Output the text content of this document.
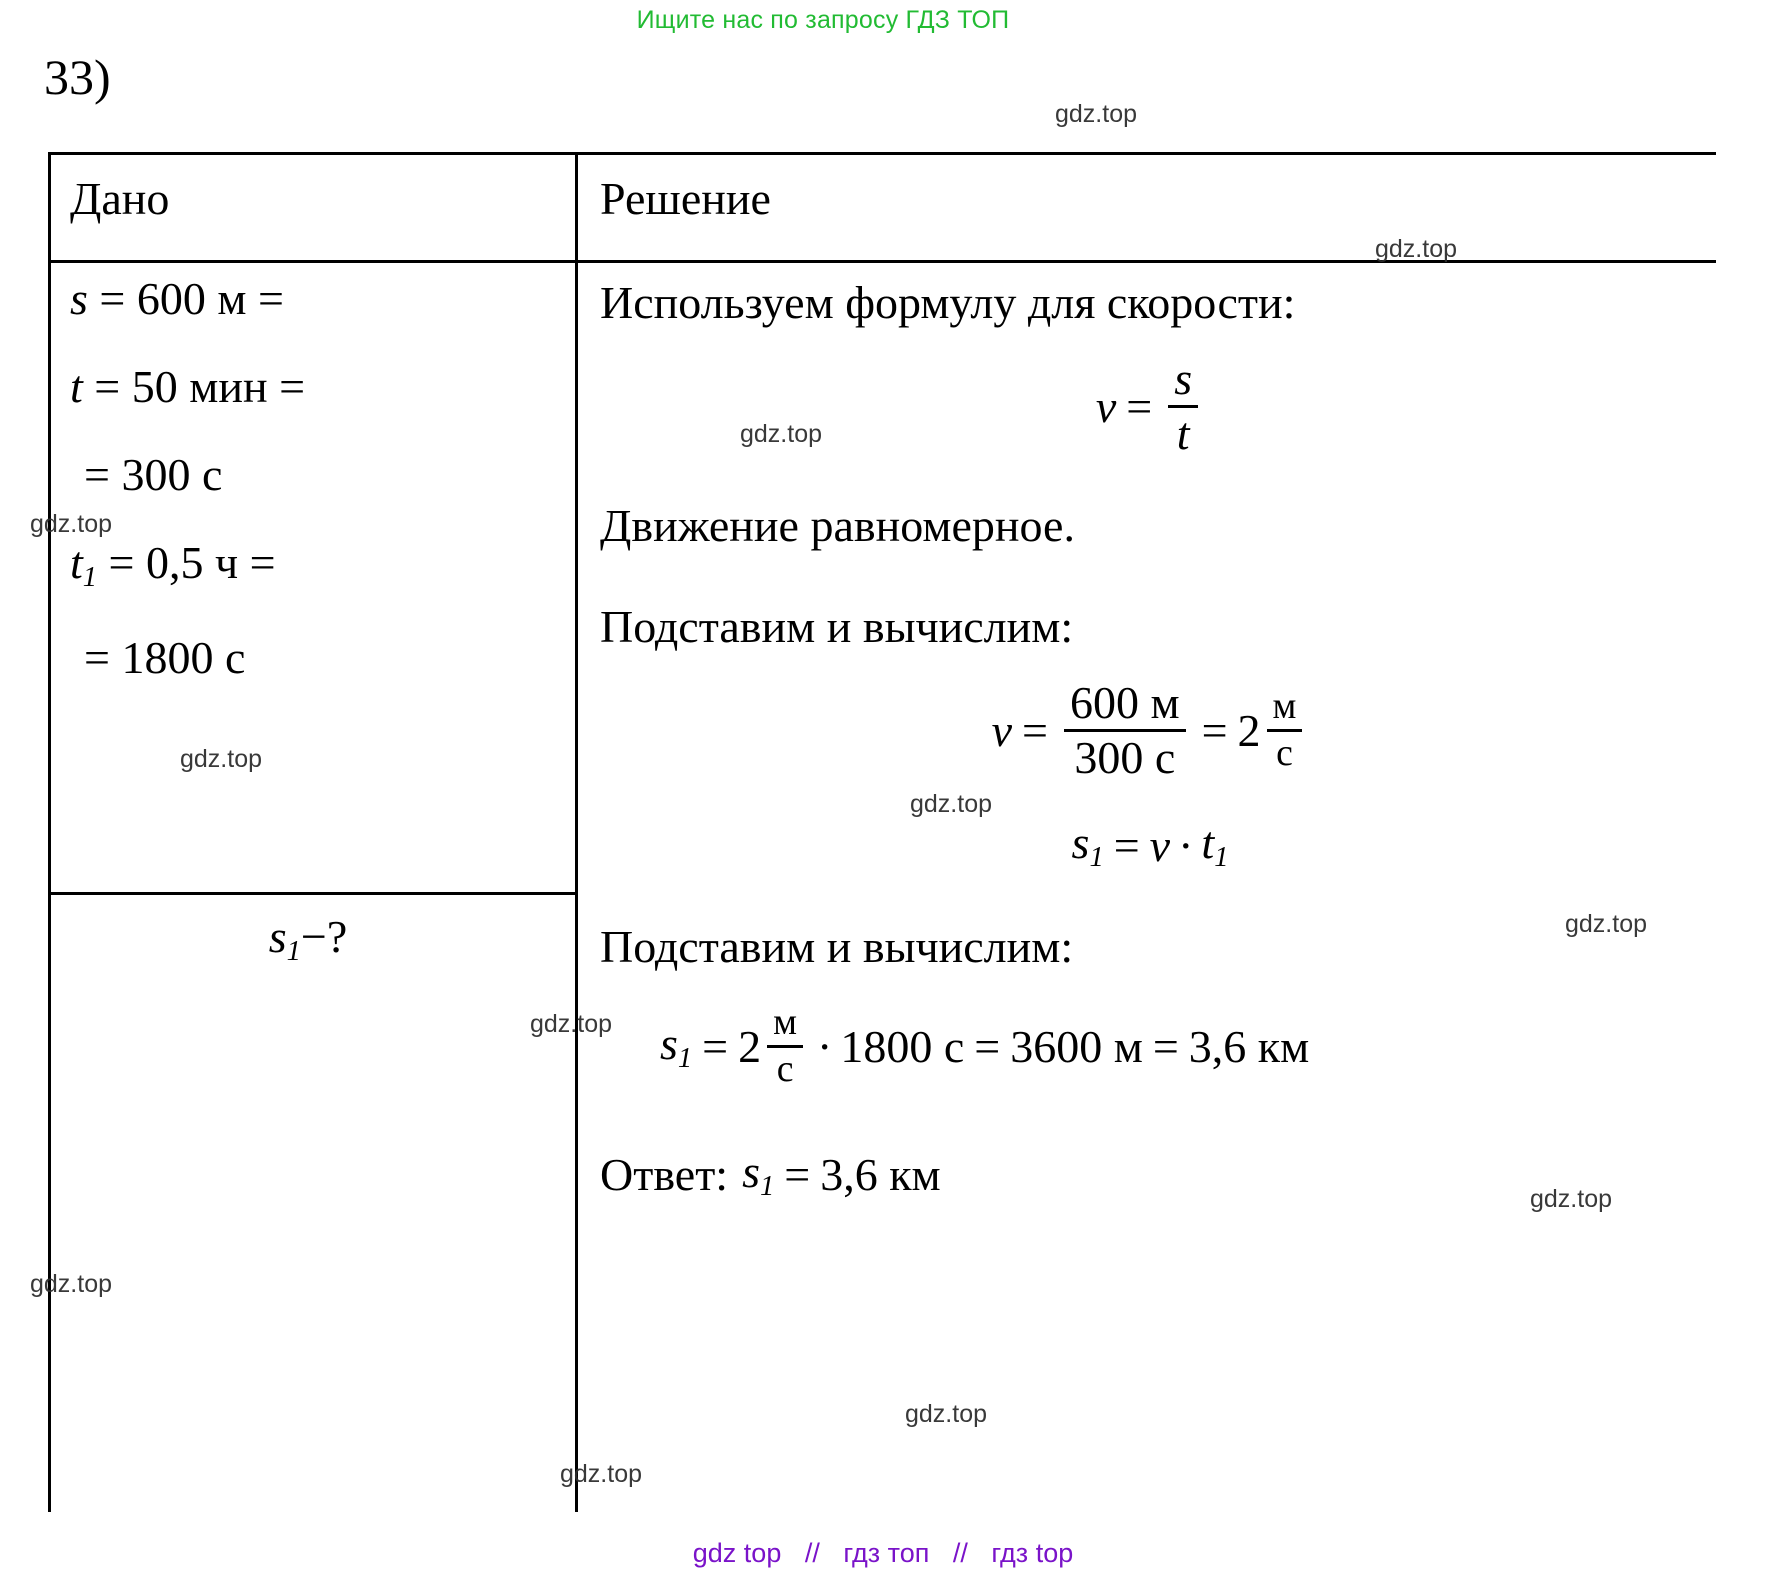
Ищите нас по запросу ГДЗ ТОП
33)
Дано	Решение
s = 600 м =
t = 50 мин =
= 300 с
$t_1 = 0,5$ ч =
= 1800 с
$s_1-$?
Используем формулу для скорости:
$v = \frac{s}{t}$
Движение равномерное.
Подставим и вычислим:
$v = \frac{600 м}{300 с} = 2 \frac{м}{с}$
$s_1 = v \cdot t_1$
Подставим и вычислим:
$s_1 = 2 \frac{м}{с} \cdot 1800$ с = 3600 м = 3,6 км
Ответ: $s_1 = 3,6$ км
gdz.top
gdz.top
gdz.top
gdz.top
gdz.top
gdz.top
gdz.top
gdz.top
gdz.top
gdz.top
gdz.top
gdz.top
gdz top // гдз топ // гдз top
